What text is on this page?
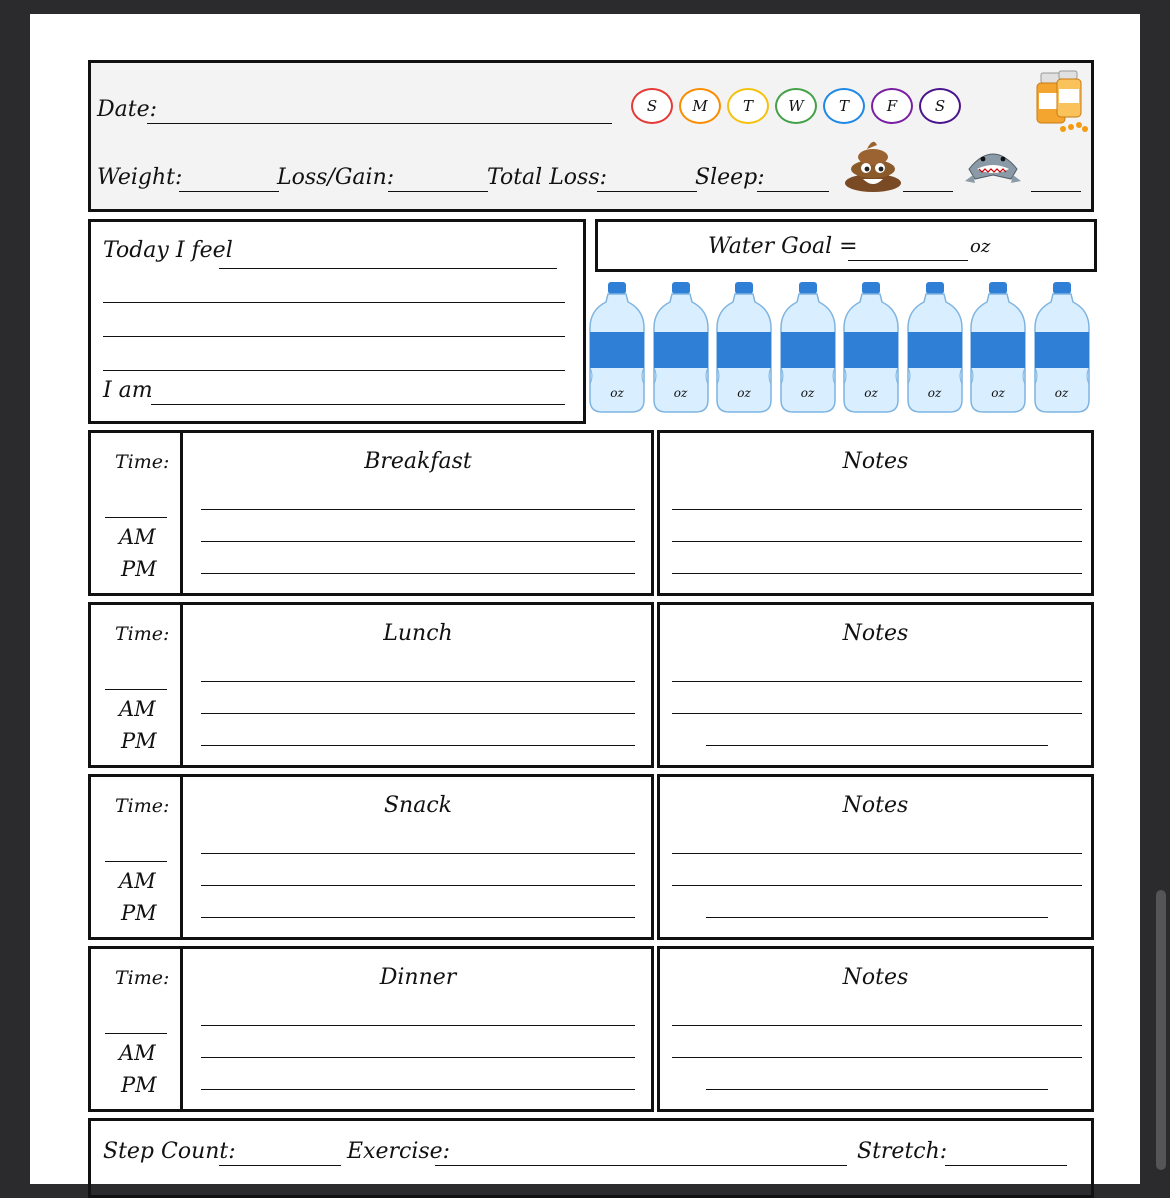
Date:	S	M	T	W	T	F	S
Weight:	Loss/Gain:	Total Loss:	Sleep:
Today I feel
I am
Water Goal =	oz
oz	oz	oz	oz	oz	oz	oz	oz
Time:
AM
PM
Breakfast	Notes
Time:
AM
PM
Lunch	Notes
Time:
AM
PM
Snack	Notes
Time:
AM
PM
Dinner	Notes
Step Count:	Exercise:	Stretch:
